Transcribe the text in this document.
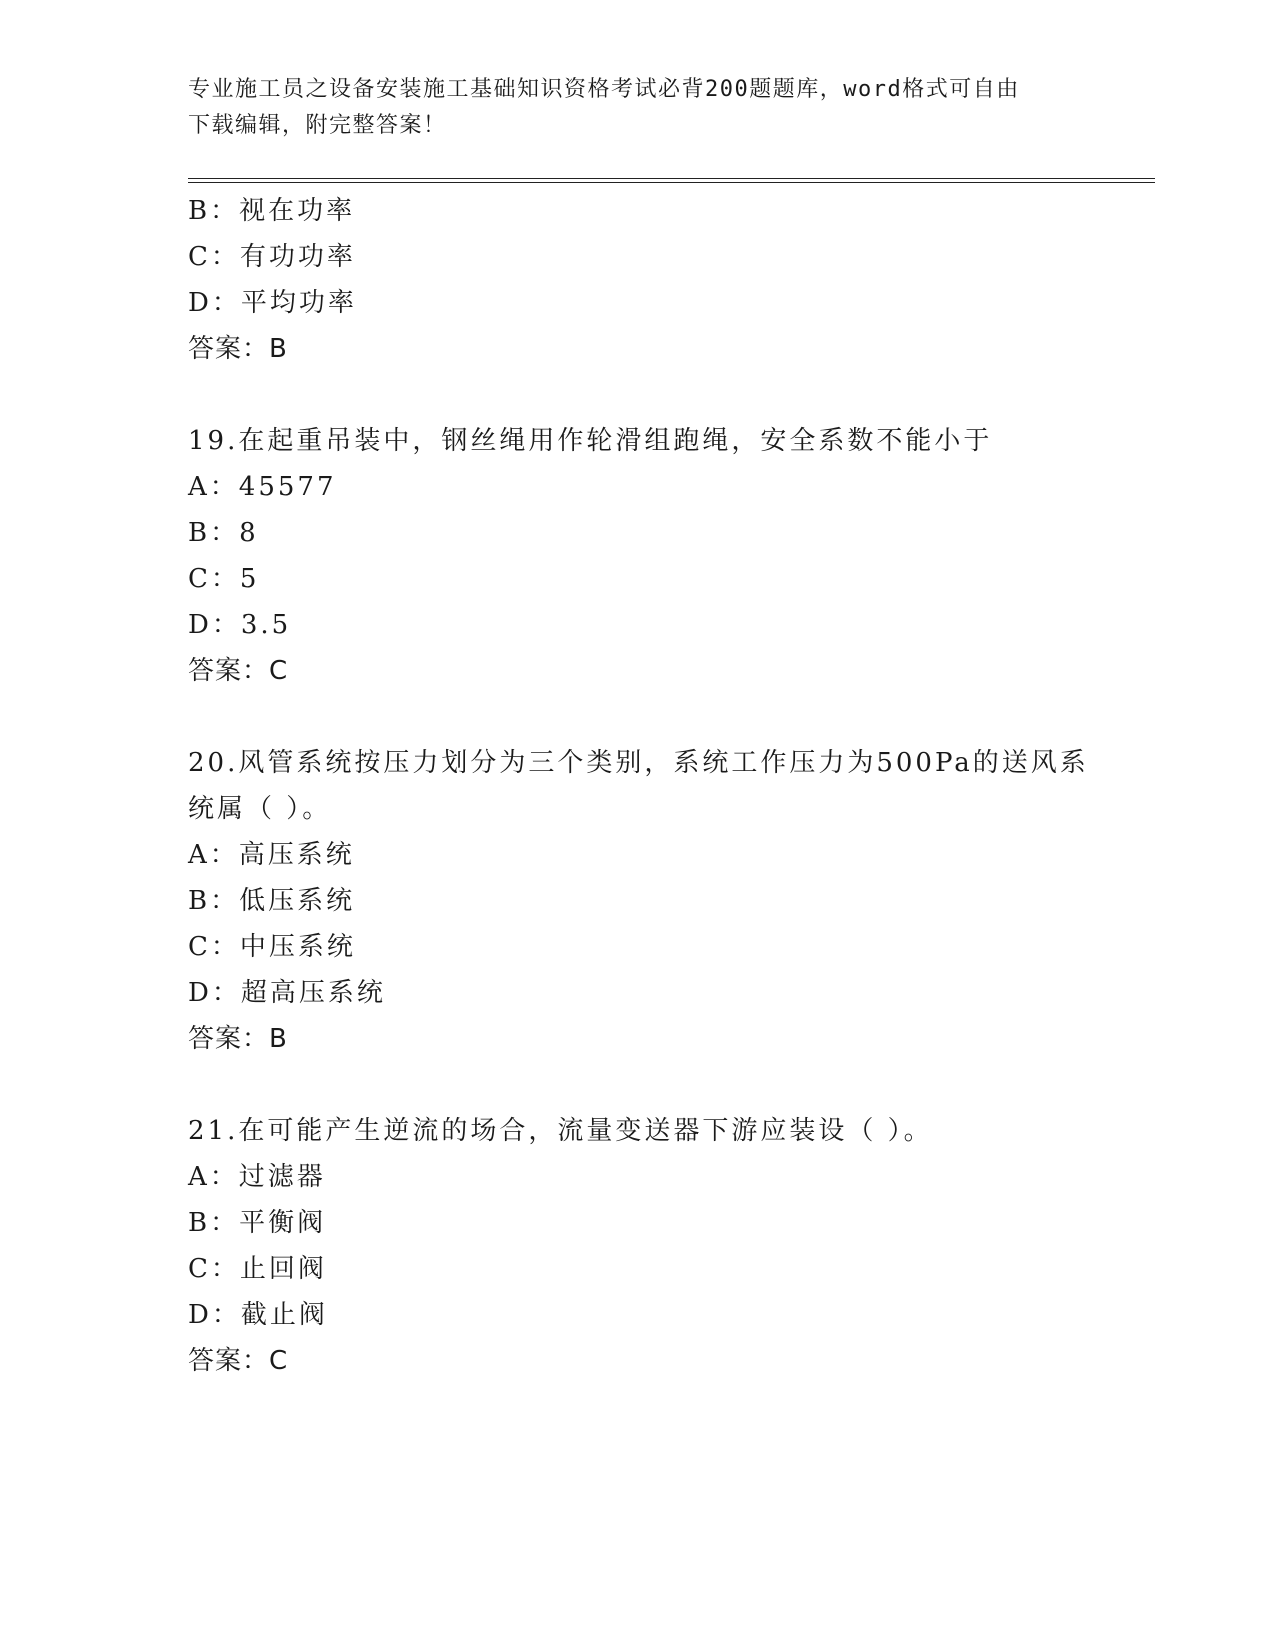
专业施工员之设备安装施工基础知识资格考试必背200题题库，word格式可自由
下载编辑，附完整答案！
B：视在功率
C：有功功率
D：平均功率
答案：B
19.在起重吊装中，钢丝绳用作轮滑组跑绳，安全系数不能小于
A：45577
B：8
C：5
D：3.5
答案：C
20.风管系统按压力划分为三个类别，系统工作压力为500Pa的送风系
统属（ ）。
A：高压系统
B：低压系统
C：中压系统
D：超高压系统
答案：B
21.在可能产生逆流的场合，流量变送器下游应装设（ ）。
A：过滤器
B：平衡阀
C：止回阀
D：截止阀
答案：C
